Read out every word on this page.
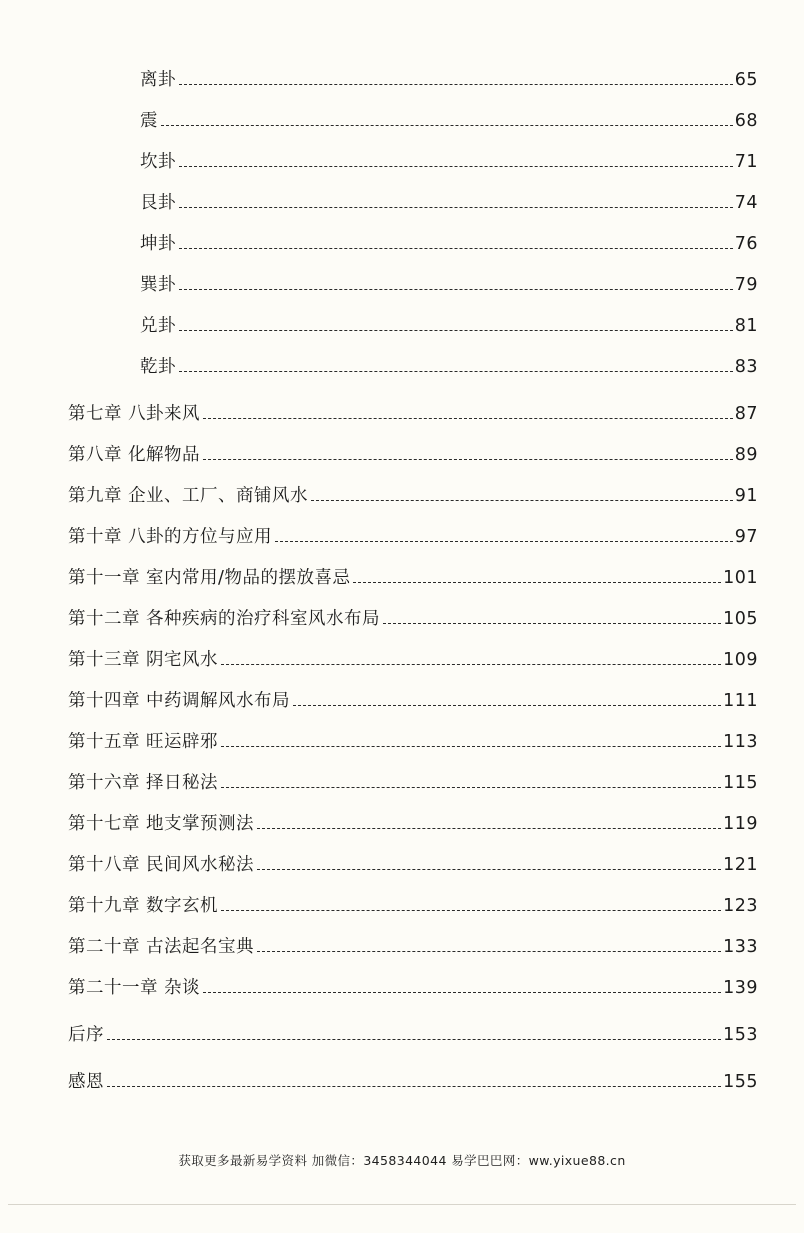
离卦	65
震	68
坎卦	71
艮卦	74
坤卦	76
巽卦	79
兑卦	81
乾卦	83
第七章 八卦来风	87
第八章 化解物品	89
第九章 企业、工厂、商铺风水	91
第十章 八卦的方位与应用	97
第十一章 室内常用/物品的摆放喜忌	101
第十二章 各种疾病的治疗科室风水布局	105
第十三章 阴宅风水	109
第十四章 中药调解风水布局	111
第十五章 旺运辟邪	113
第十六章 择日秘法	115
第十七章 地支掌预测法	119
第十八章 民间风水秘法	121
第十九章 数字玄机	123
第二十章 古法起名宝典	133
第二十一章 杂谈	139
后序	153
感恩	155
获取更多最新易学资料 加微信：3458344044 易学巴巴网：ww.yixue88.cn
